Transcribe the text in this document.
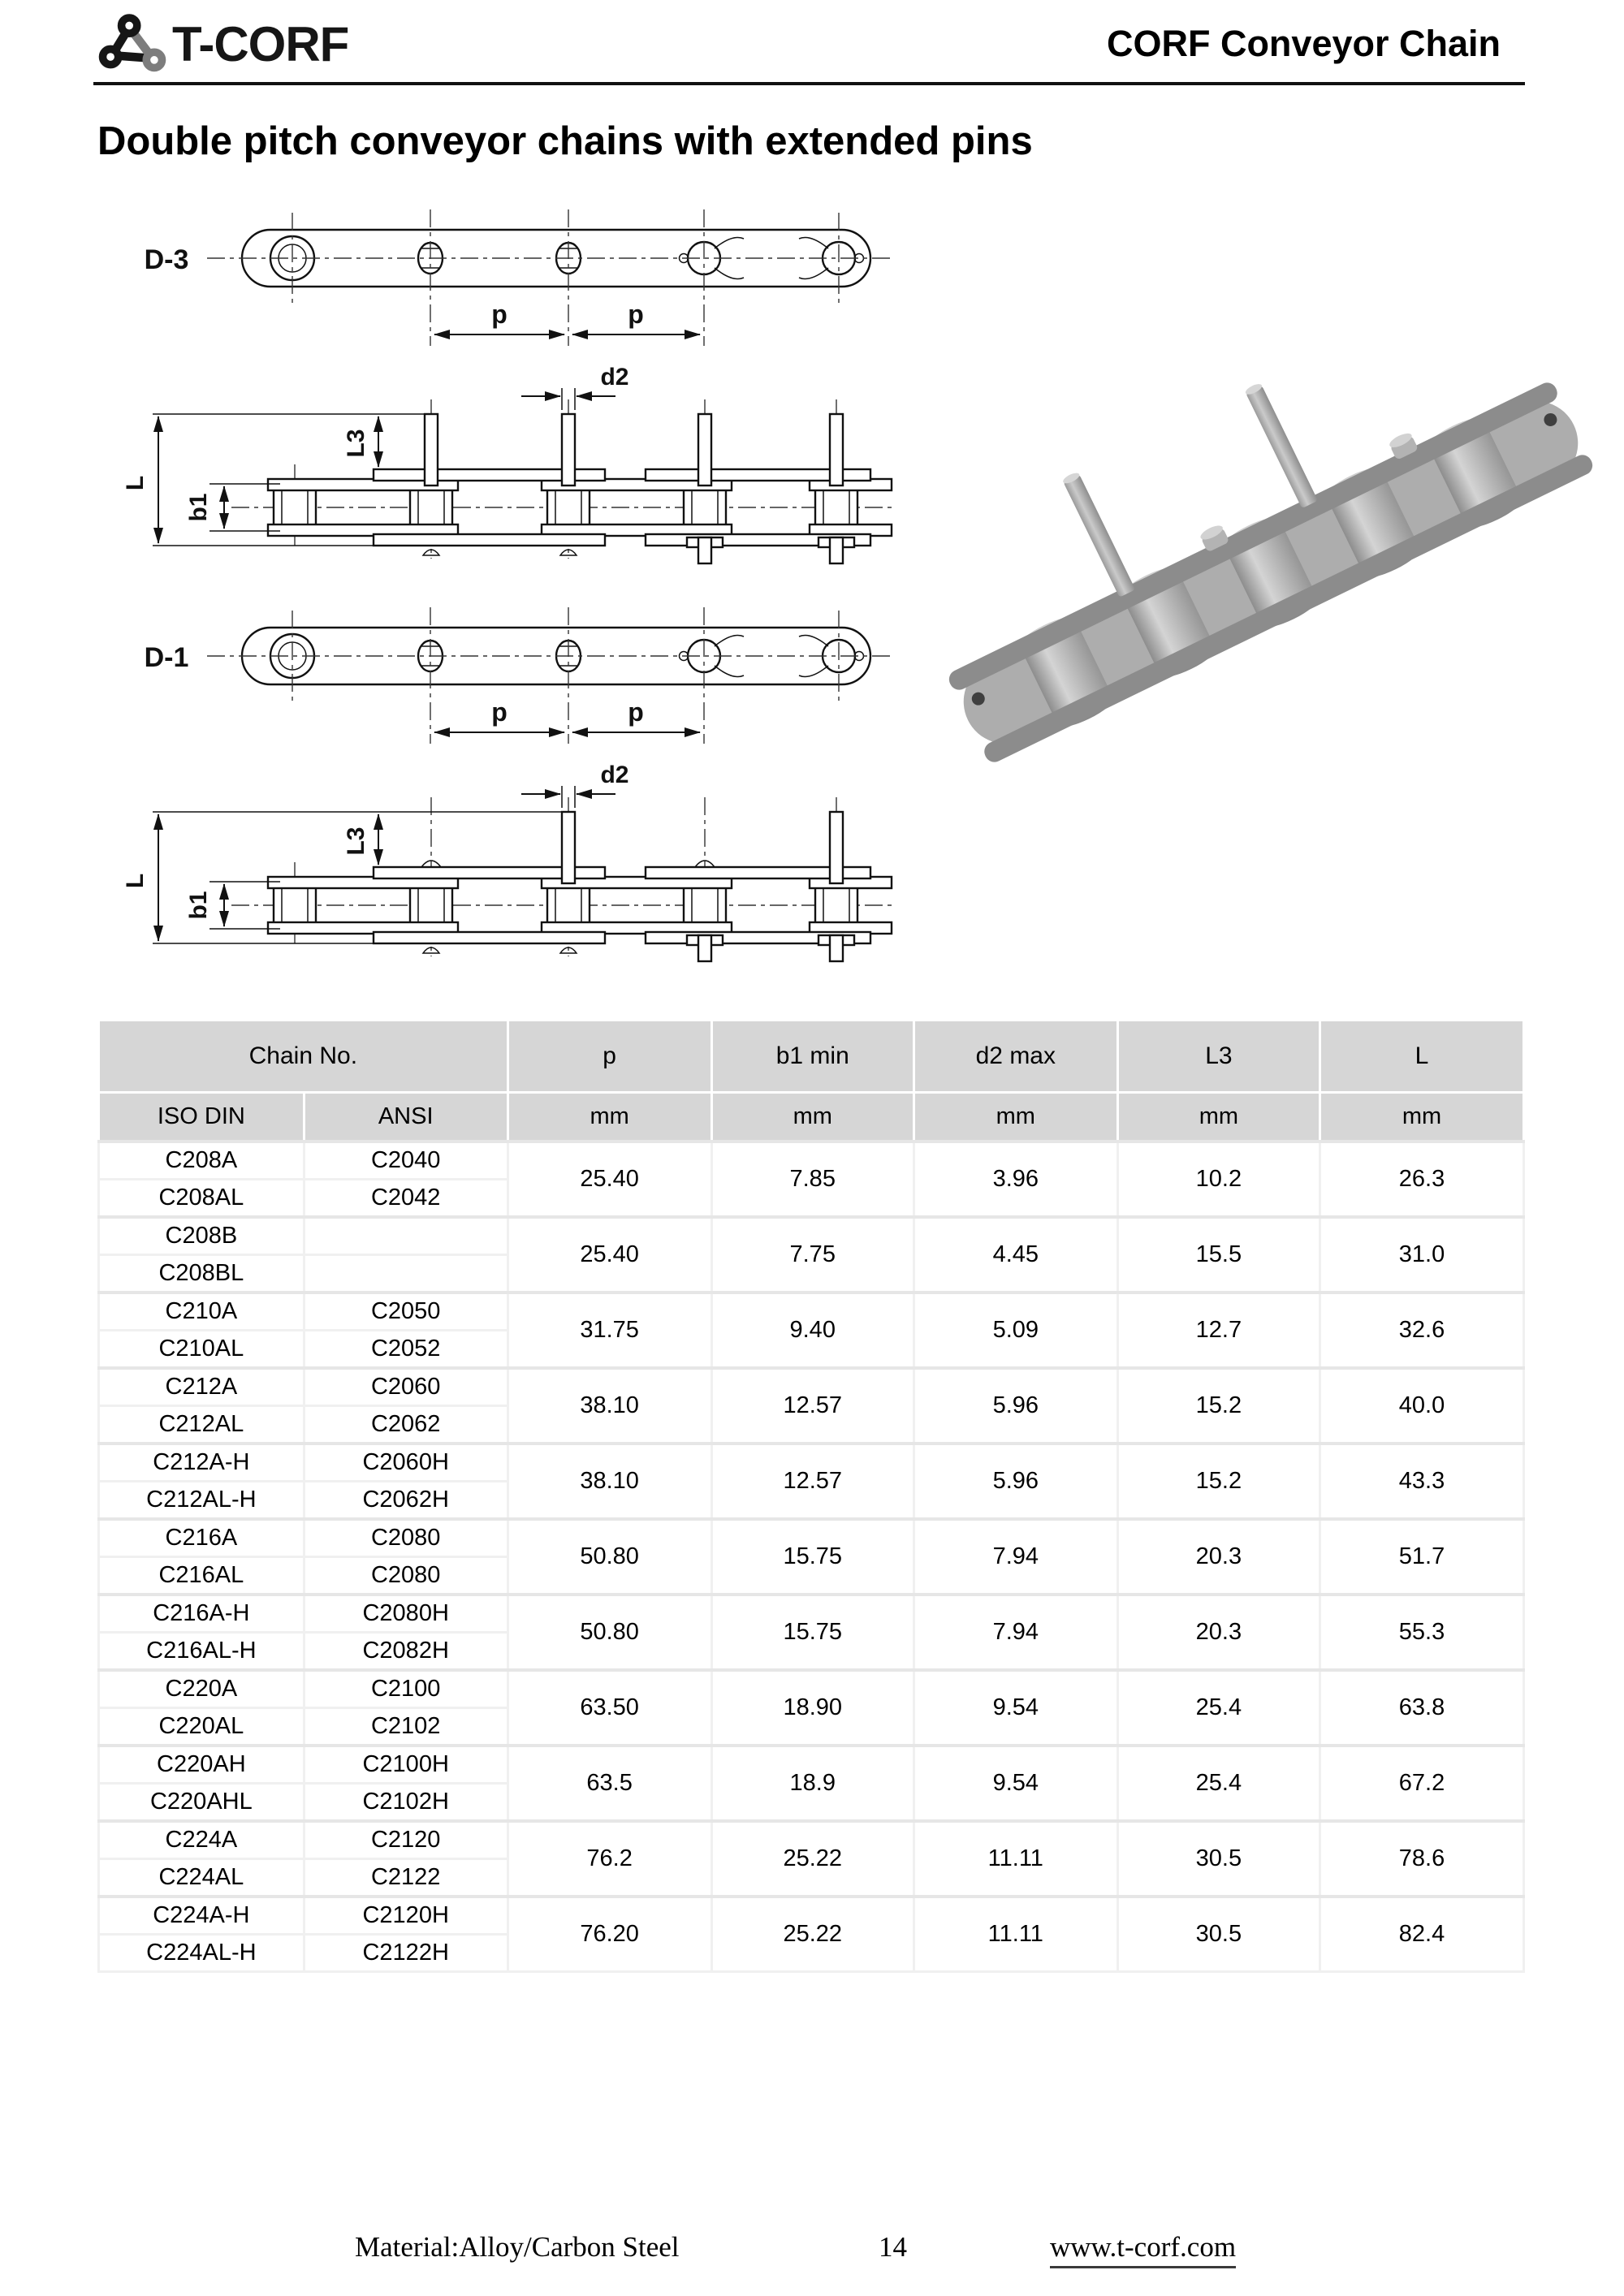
T-CORF	CORF Conveyor Chain
Double pitch conveyor chains with extended pins
D-3
p	p
d2
L3
L
b1
D-1
p	p
d2
L3
L
b1
Chain No.		p	b1 min	d2 max	L3	L
ISO DIN	ANSI	mm	mm	mm	mm	mm
C208A	C2040	25.40	7.85	3.96	10.2	26.3
C208AL	C2042					
C208B		25.40	7.75	4.45	15.5	31.0
C208BL						
C210A	C2050	31.75	9.40	5.09	12.7	32.6
C210AL	C2052					
C212A	C2060	38.10	12.57	5.96	15.2	40.0
C212AL	C2062					
C212A-H	C2060H	38.10	12.57	5.96	15.2	43.3
C212AL-H	C2062H					
C216A	C2080	50.80	15.75	7.94	20.3	51.7
C216AL	C2080					
C216A-H	C2080H	50.80	15.75	7.94	20.3	55.3
C216AL-H	C2082H					
C220A	C2100	63.50	18.90	9.54	25.4	63.8
C220AL	C2102					
C220AH	C2100H	63.5	18.9	9.54	25.4	67.2
C220AHL	C2102H					
C224A	C2120	76.2	25.22	11.11	30.5	78.6
C224AL	C2122					
C224A-H	C2120H	76.20	25.22	11.11	30.5	82.4
C224AL-H	C2122H					
Material:Alloy/Carbon Steel	14	www.t-corf.com
